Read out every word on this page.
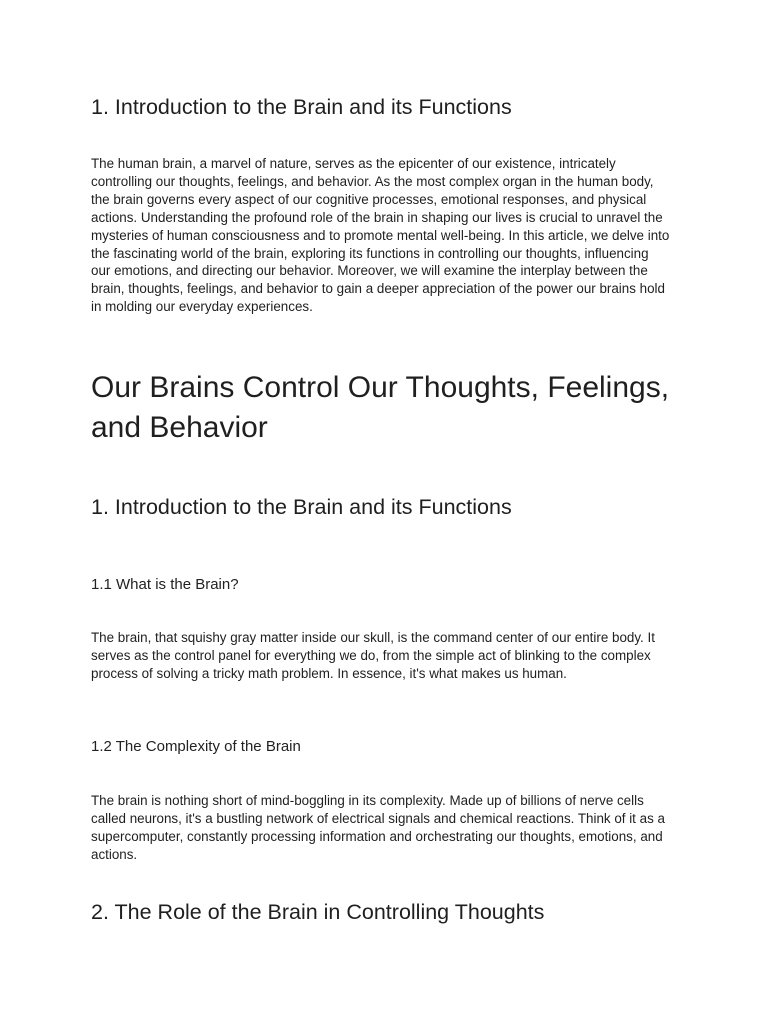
1. Introduction to the Brain and its Functions

The human brain, a marvel of nature, serves as the epicenter of our existence, intricately controlling our thoughts, feelings, and behavior. As the most complex organ in the human body, the brain governs every aspect of our cognitive processes, emotional responses, and physical actions. Understanding the profound role of the brain in shaping our lives is crucial to unravel the mysteries of human consciousness and to promote mental well-being. In this article, we delve into the fascinating world of the brain, exploring its functions in controlling our thoughts, influencing our emotions, and directing our behavior. Moreover, we will examine the interplay between the brain, thoughts, feelings, and behavior to gain a deeper appreciation of the power our brains hold in molding our everyday experiences.

Our Brains Control Our Thoughts, Feelings, and Behavior
1. Introduction to the Brain and its Functions
1.1 What is the Brain?

The brain, that squishy gray matter inside our skull, is the command center of our entire body. It serves as the control panel for everything we do, from the simple act of blinking to the complex process of solving a tricky math problem. In essence, it's what makes us human.

1.2 The Complexity of the Brain

The brain is nothing short of mind-boggling in its complexity. Made up of billions of nerve cells called neurons, it's a bustling network of electrical signals and chemical reactions. Think of it as a supercomputer, constantly processing information and orchestrating our thoughts, emotions, and actions.

2. The Role of the Brain in Controlling Thoughts
